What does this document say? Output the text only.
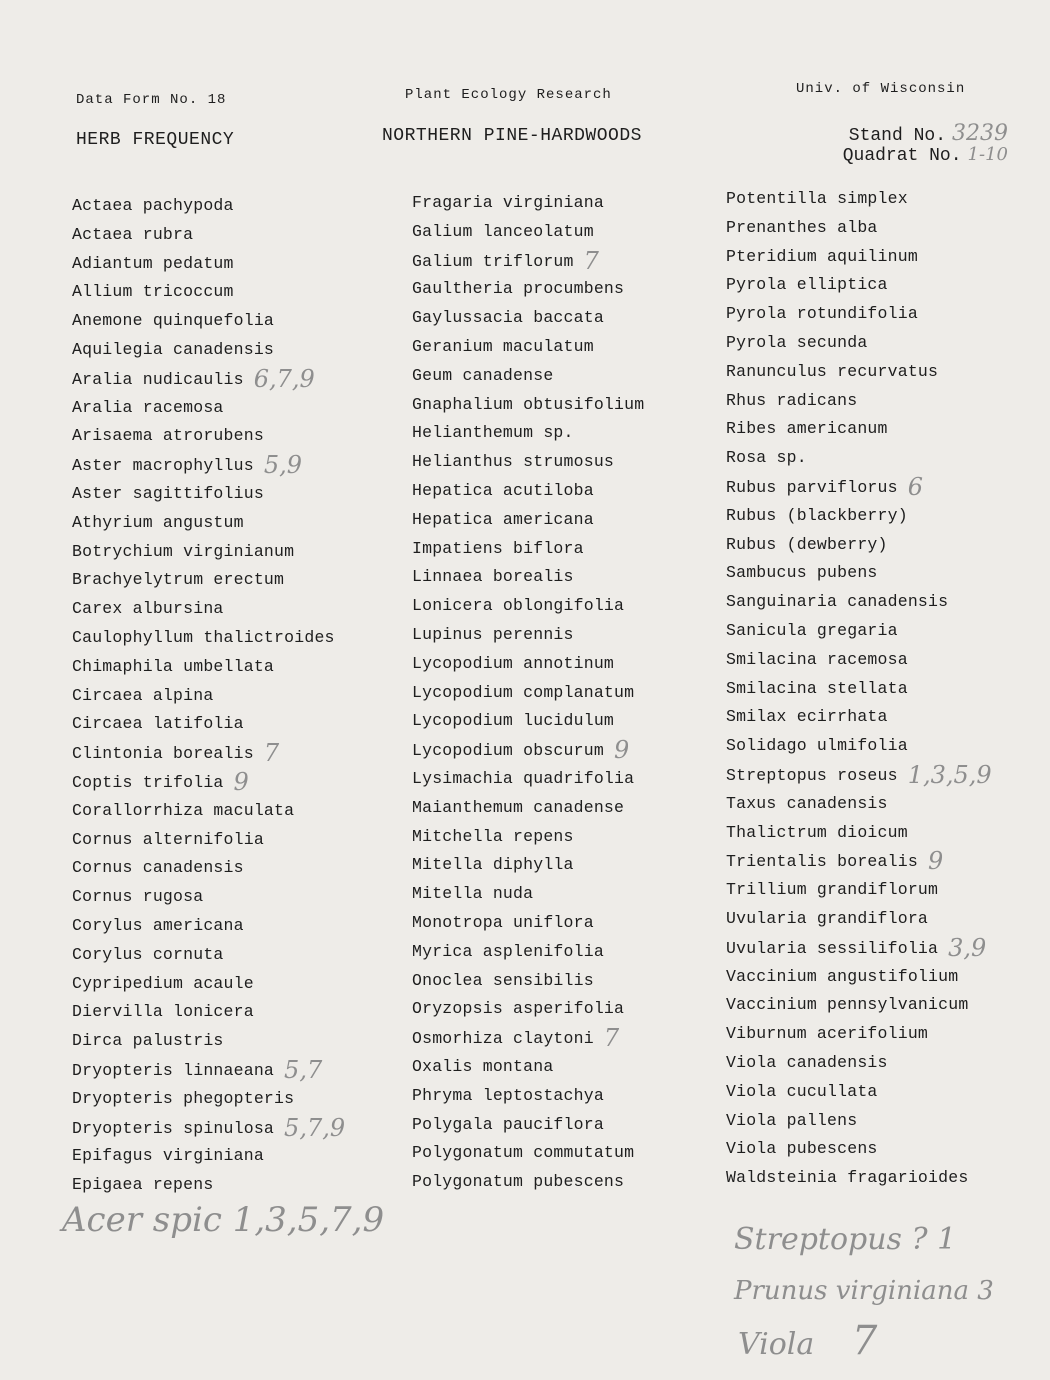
Data Form No. 18
HERB FREQUENCY
Plant Ecology Research
NORTHERN PINE-HARDWOODS
Univ. of Wisconsin
Stand No. 3239
Quadrat No. 1-10
Actaea pachypoda
Actaea rubra
Adiantum pedatum
Allium tricoccum
Anemone quinquefolia
Aquilegia canadensis
Aralia nudicaulis 6,7,9
Aralia racemosa
Arisaema atrorubens
Aster macrophyllus 5,9
Aster sagittifolius
Athyrium angustum
Botrychium virginianum
Brachyelytrum erectum
Carex albursina
Caulophyllum thalictroides
Chimaphila umbellata
Circaea alpina
Circaea latifolia
Clintonia borealis 7
Coptis trifolia 9
Corallorrhiza maculata
Cornus alternifolia
Cornus canadensis
Cornus rugosa
Corylus americana
Corylus cornuta
Cypripedium acaule
Diervilla lonicera
Dirca palustris
Dryopteris linnaeana 5,7
Dryopteris phegopteris
Dryopteris spinulosa 5,7,9
Epifagus virginiana
Epigaea repens
Fragaria virginiana
Galium lanceolatum
Galium triflorum 7
Gaultheria procumbens
Gaylussacia baccata
Geranium maculatum
Geum canadense
Gnaphalium obtusifolium
Helianthemum sp.
Helianthus strumosus
Hepatica acutiloba
Hepatica americana
Impatiens biflora
Linnaea borealis
Lonicera oblongifolia
Lupinus perennis
Lycopodium annotinum
Lycopodium complanatum
Lycopodium lucidulum
Lycopodium obscurum 9
Lysimachia quadrifolia
Maianthemum canadense
Mitchella repens
Mitella diphylla
Mitella nuda
Monotropa uniflora
Myrica asplenifolia
Onoclea sensibilis
Oryzopsis asperifolia
Osmorhiza claytoni 7
Oxalis montana
Phryma leptostachya
Polygala pauciflora
Polygonatum commutatum
Polygonatum pubescens
Potentilla simplex
Prenanthes alba
Pteridium aquilinum
Pyrola elliptica
Pyrola rotundifolia
Pyrola secunda
Ranunculus recurvatus
Rhus radicans
Ribes americanum
Rosa sp.
Rubus parviflorus 6
Rubus (blackberry)
Rubus (dewberry)
Sambucus pubens
Sanguinaria canadensis
Sanicula gregaria
Smilacina racemosa
Smilacina stellata
Smilax ecirrhata
Solidago ulmifolia
Streptopus roseus 1,3,5,9
Taxus canadensis
Thalictrum dioicum
Trientalis borealis 9
Trillium grandiflorum
Uvularia grandiflora
Uvularia sessilifolia 3,9
Vaccinium angustifolium
Vaccinium pennsylvanicum
Viburnum acerifolium
Viola canadensis
Viola cucullata
Viola pallens
Viola pubescens
Waldsteinia fragarioides
Acer spic 1,3,5,7,9	Streptopus ? 1
Prunus virginiana 3
Viola 7
